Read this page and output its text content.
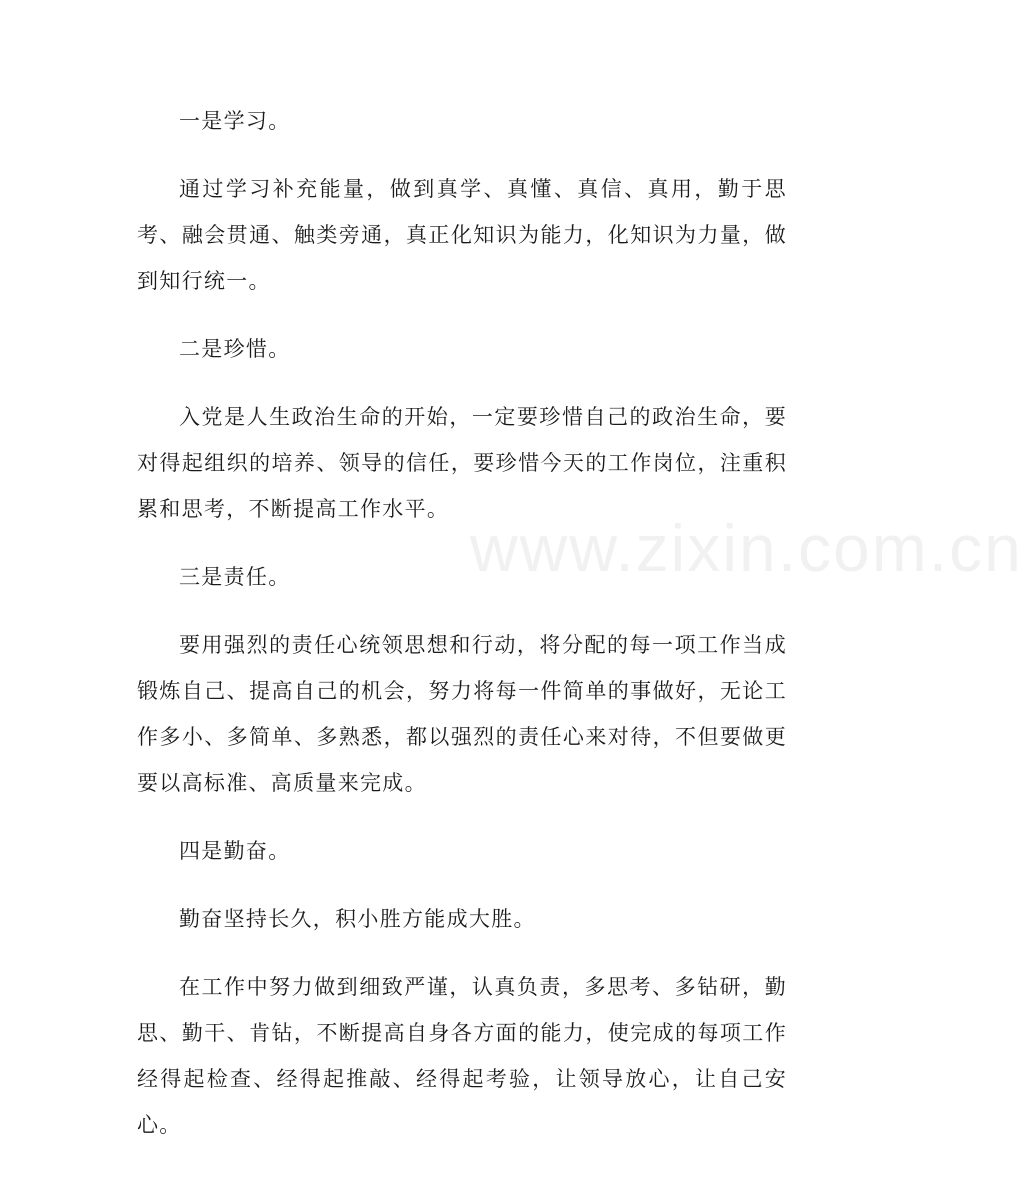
一是学习。

通过学习补充能量，做到真学、真懂、真信、真用，勤于思考、融会贯通、触类旁通，真正化知识为能力，化知识为力量，做到知行统一。

二是珍惜。

入党是人生政治生命的开始，一定要珍惜自己的政治生命，要对得起组织的培养、领导的信任，要珍惜今天的工作岗位，注重积累和思考，不断提高工作水平。

三是责任。

要用强烈的责任心统领思想和行动，将分配的每一项工作当成锻炼自己、提高自己的机会，努力将每一件简单的事做好，无论工作多小、多简单、多熟悉，都以强烈的责任心来对待，不但要做更要以高标准、高质量来完成。

四是勤奋。

勤奋坚持长久，积小胜方能成大胜。

在工作中努力做到细致严谨，认真负责，多思考、多钻研，勤思、勤干、肯钻，不断提高自身各方面的能力，使完成的每项工作经得起检查、经得起推敲、经得起考验，让领导放心，让自己安心。

www.zixin.com.cn
